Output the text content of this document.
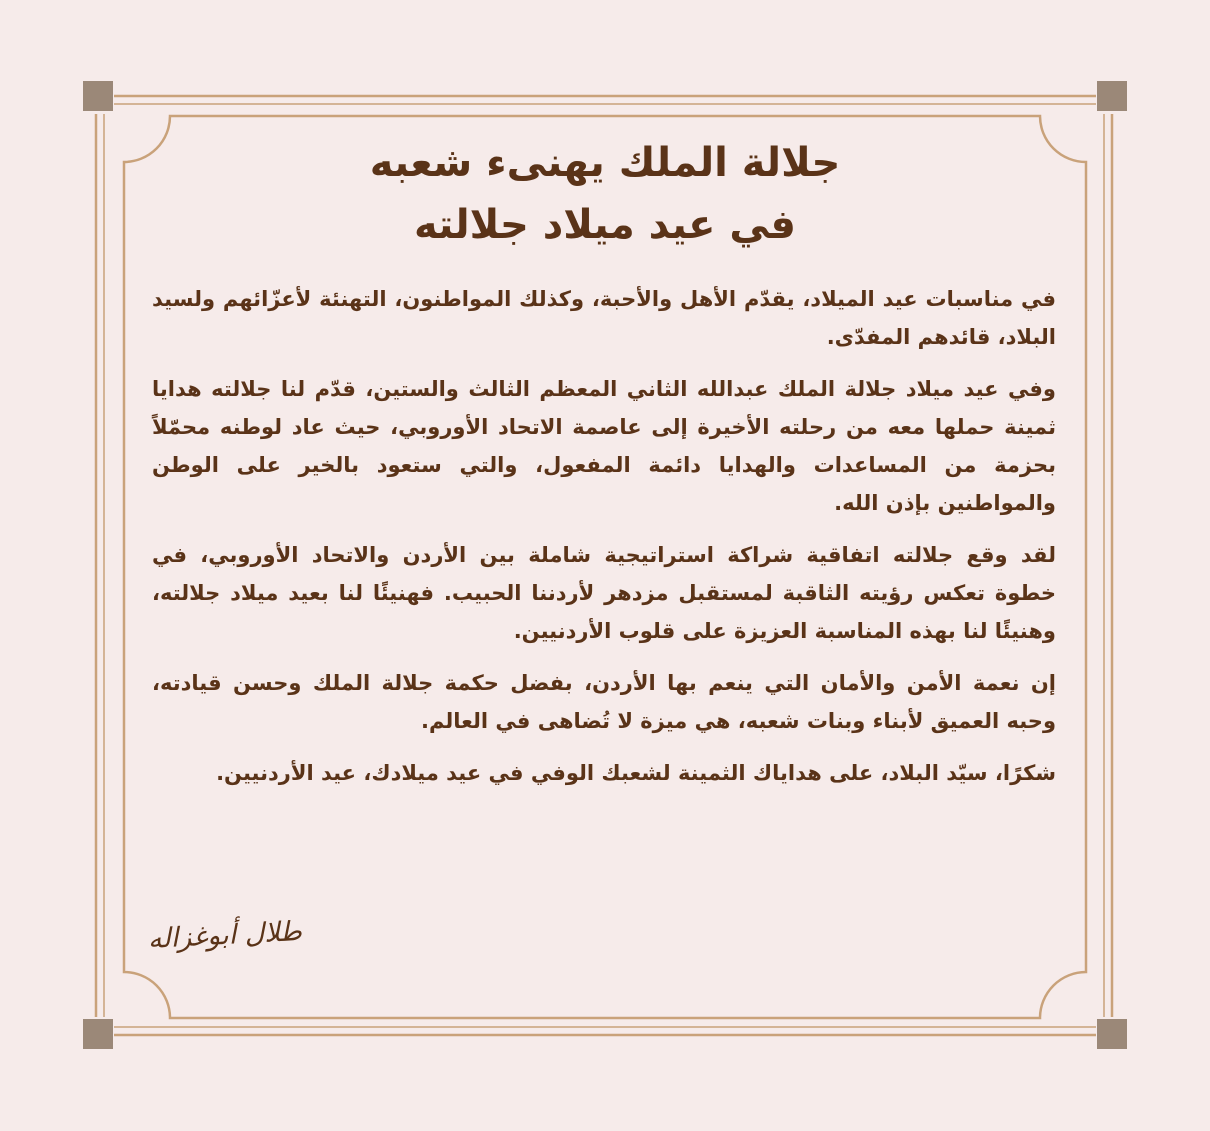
جلالة الملك يهنىء شعبه
في عيد ميلاد جلالته

في مناسبات عيد الميلاد، يقدّم الأهل والأحبة، وكذلك المواطنون، التهنئة لأعزّائهم ولسيد البلاد، قائدهم المفدّى.

وفي عيد ميلاد جلالة الملك عبدالله الثاني المعظم الثالث والستين، قدّم لنا جلالته هدايا ثمينة حملها معه من رحلته الأخيرة إلى عاصمة الاتحاد الأوروبي، حيث عاد لوطنه محمّلاً بحزمة من المساعدات والهدايا دائمة المفعول، والتي ستعود بالخير على الوطن والمواطنين بإذن الله.

لقد وقع جلالته اتفاقية شراكة استراتيجية شاملة بين الأردن والاتحاد الأوروبي، في خطوة تعكس رؤيته الثاقبة لمستقبل مزدهر لأردننا الحبيب. فهنيئًا لنا بعيد ميلاد جلالته، وهنيئًا لنا بهذه المناسبة العزيزة على قلوب الأردنيين.

إن نعمة الأمن والأمان التي ينعم بها الأردن، بفضل حكمة جلالة الملك وحسن قيادته، وحبه العميق لأبناء وبنات شعبه، هي ميزة لا تُضاهى في العالم.

شكرًا، سيّد البلاد، على هداياك الثمينة لشعبك الوفي في عيد ميلادك، عيد الأردنيين.

طلال أبوغزاله
